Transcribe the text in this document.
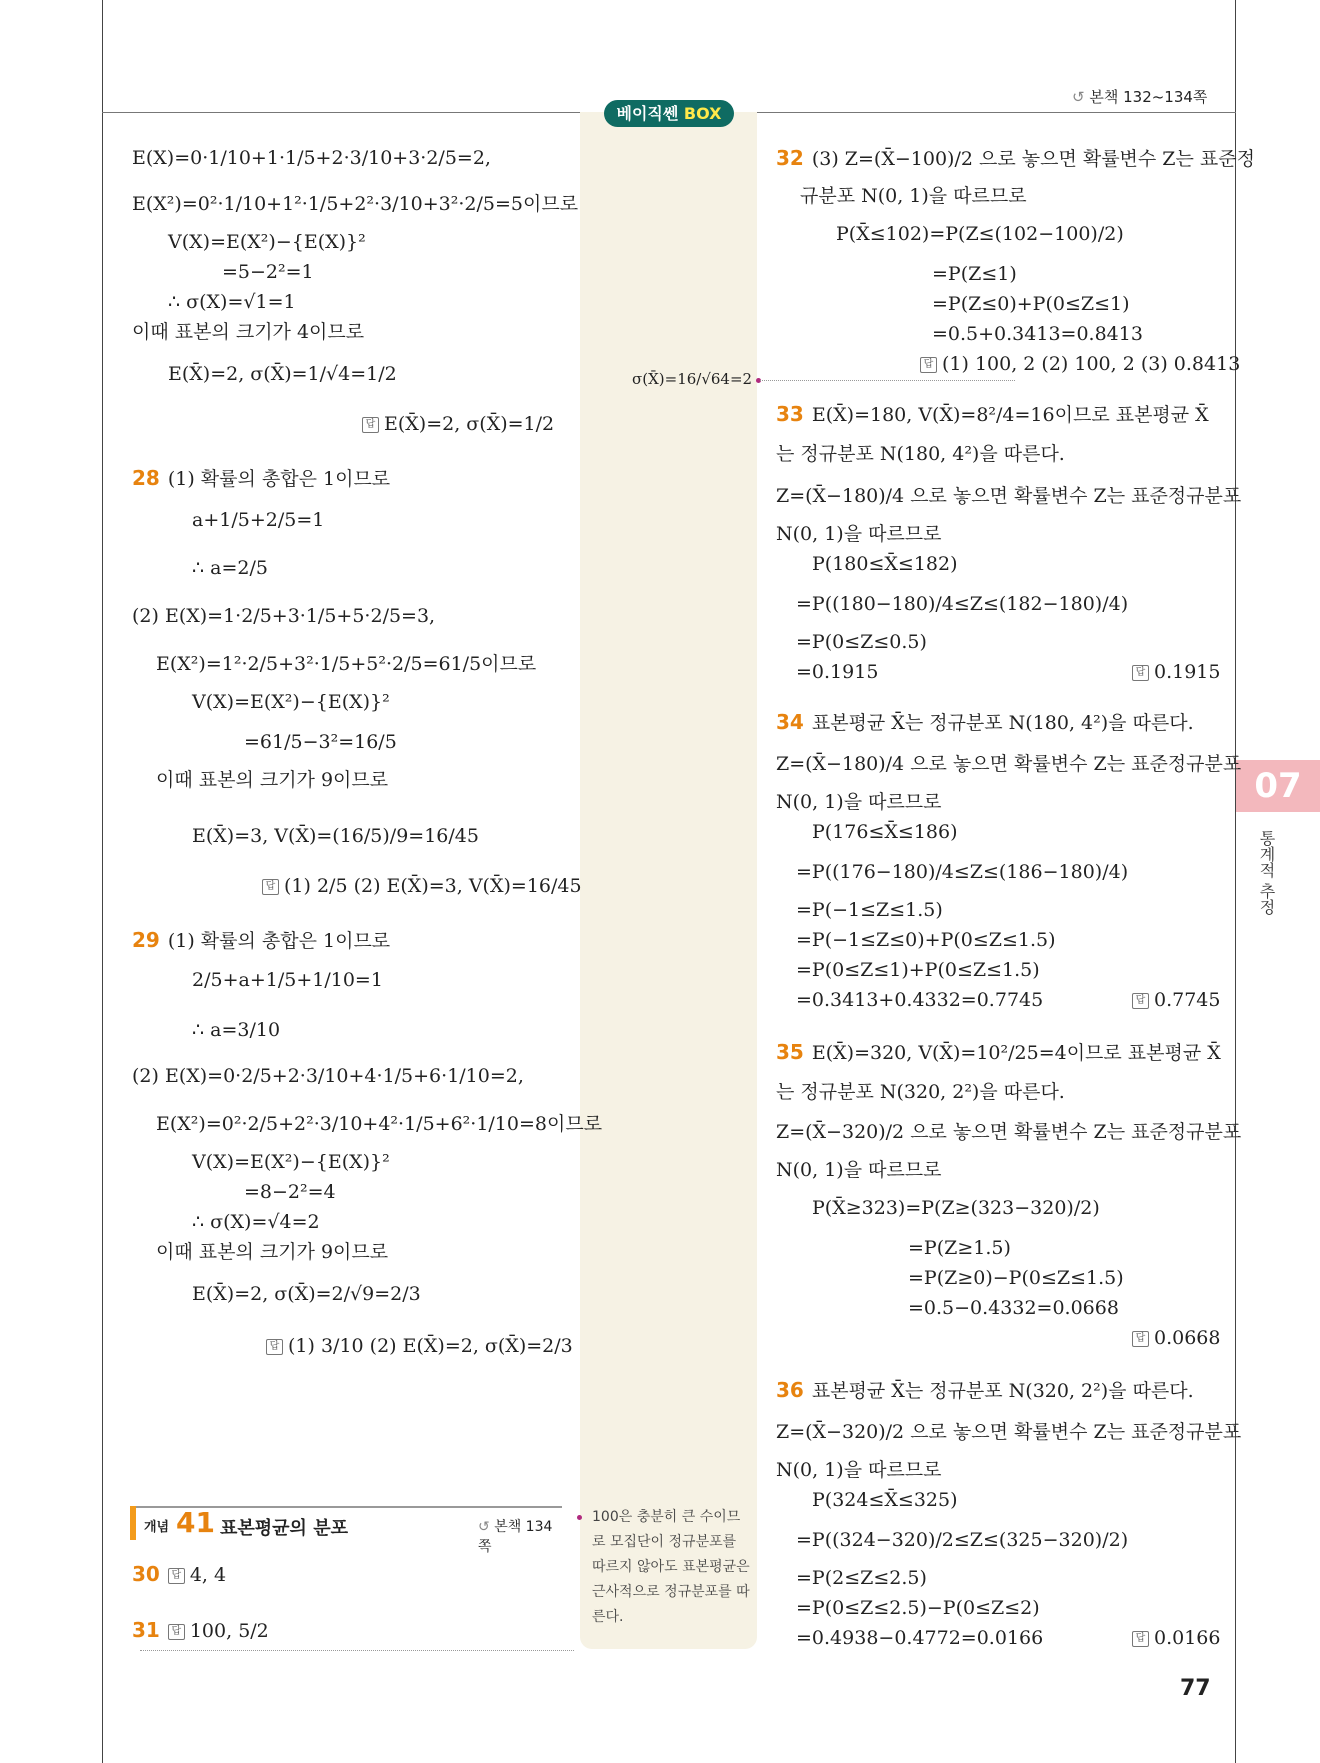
↺ 본책 132~134쪽
베이직쎈 BOX
σ(X̄)=16/√64=2
100은 충분히 큰 수이므로 모집단이 정규분포를 따르지 않아도 표본평균은 근사적으로 정규분포를 따른다.
07
통계적 추정
E(X)=0·1/10+1·1/5+2·3/10+3·2/5=2,
E(X²)=0²·1/10+1²·1/5+2²·3/10+3²·2/5=5이므로
V(X)=E(X²)−{E(X)}²
=5−2²=1
∴ σ(X)=√1=1
이때 표본의 크기가 4이므로
E(X̄)=2, σ(X̄)=1/√4=1/2
답 E(X̄)=2, σ(X̄)=1/2
28 (1) 확률의 총합은 1이므로
a+1/5+2/5=1
∴ a=2/5
(2) E(X)=1·2/5+3·1/5+5·2/5=3,
E(X²)=1²·2/5+3²·1/5+5²·2/5=61/5이므로
V(X)=E(X²)−{E(X)}²
=61/5−3²=16/5
이때 표본의 크기가 9이므로
E(X̄)=3, V(X̄)=(16/5)/9=16/45
답 (1) 2/5 (2) E(X̄)=3, V(X̄)=16/45
29 (1) 확률의 총합은 1이므로
2/5+a+1/5+1/10=1
∴ a=3/10
(2) E(X)=0·2/5+2·3/10+4·1/5+6·1/10=2,
E(X²)=0²·2/5+2²·3/10+4²·1/5+6²·1/10=8이므로
V(X)=E(X²)−{E(X)}²
=8−2²=4
∴ σ(X)=√4=2
이때 표본의 크기가 9이므로
E(X̄)=2, σ(X̄)=2/√9=2/3
답 (1) 3/10 (2) E(X̄)=2, σ(X̄)=2/3
개념 41 표본평균의 분포	↺ 본책 134쪽
30 답 4, 4
31 답 100, 5/2
32 (3) Z=(X̄−100)/2 으로 놓으면 확률변수 Z는 표준정
규분포 N(0, 1)을 따르므로
P(X̄≤102)=P(Z≤(102−100)/2)
=P(Z≤1)
=P(Z≤0)+P(0≤Z≤1)
=0.5+0.3413=0.8413
답 (1) 100, 2 (2) 100, 2 (3) 0.8413
33 E(X̄)=180, V(X̄)=8²/4=16이므로 표본평균 X̄
는 정규분포 N(180, 4²)을 따른다.
Z=(X̄−180)/4 으로 놓으면 확률변수 Z는 표준정규분포
N(0, 1)을 따르므로
P(180≤X̄≤182)
=P((180−180)/4≤Z≤(182−180)/4)
=P(0≤Z≤0.5)
=0.1915	답 0.1915
34 표본평균 X̄는 정규분포 N(180, 4²)을 따른다.
Z=(X̄−180)/4 으로 놓으면 확률변수 Z는 표준정규분포
N(0, 1)을 따르므로
P(176≤X̄≤186)
=P((176−180)/4≤Z≤(186−180)/4)
=P(−1≤Z≤1.5)
=P(−1≤Z≤0)+P(0≤Z≤1.5)
=P(0≤Z≤1)+P(0≤Z≤1.5)
=0.3413+0.4332=0.7745	답 0.7745
35 E(X̄)=320, V(X̄)=10²/25=4이므로 표본평균 X̄
는 정규분포 N(320, 2²)을 따른다.
Z=(X̄−320)/2 으로 놓으면 확률변수 Z는 표준정규분포
N(0, 1)을 따르므로
P(X̄≥323)=P(Z≥(323−320)/2)
=P(Z≥1.5)
=P(Z≥0)−P(0≤Z≤1.5)
=0.5−0.4332=0.0668
답 0.0668
36 표본평균 X̄는 정규분포 N(320, 2²)을 따른다.
Z=(X̄−320)/2 으로 놓으면 확률변수 Z는 표준정규분포
N(0, 1)을 따르므로
P(324≤X̄≤325)
=P((324−320)/2≤Z≤(325−320)/2)
=P(2≤Z≤2.5)
=P(0≤Z≤2.5)−P(0≤Z≤2)
=0.4938−0.4772=0.0166	답 0.0166
77
